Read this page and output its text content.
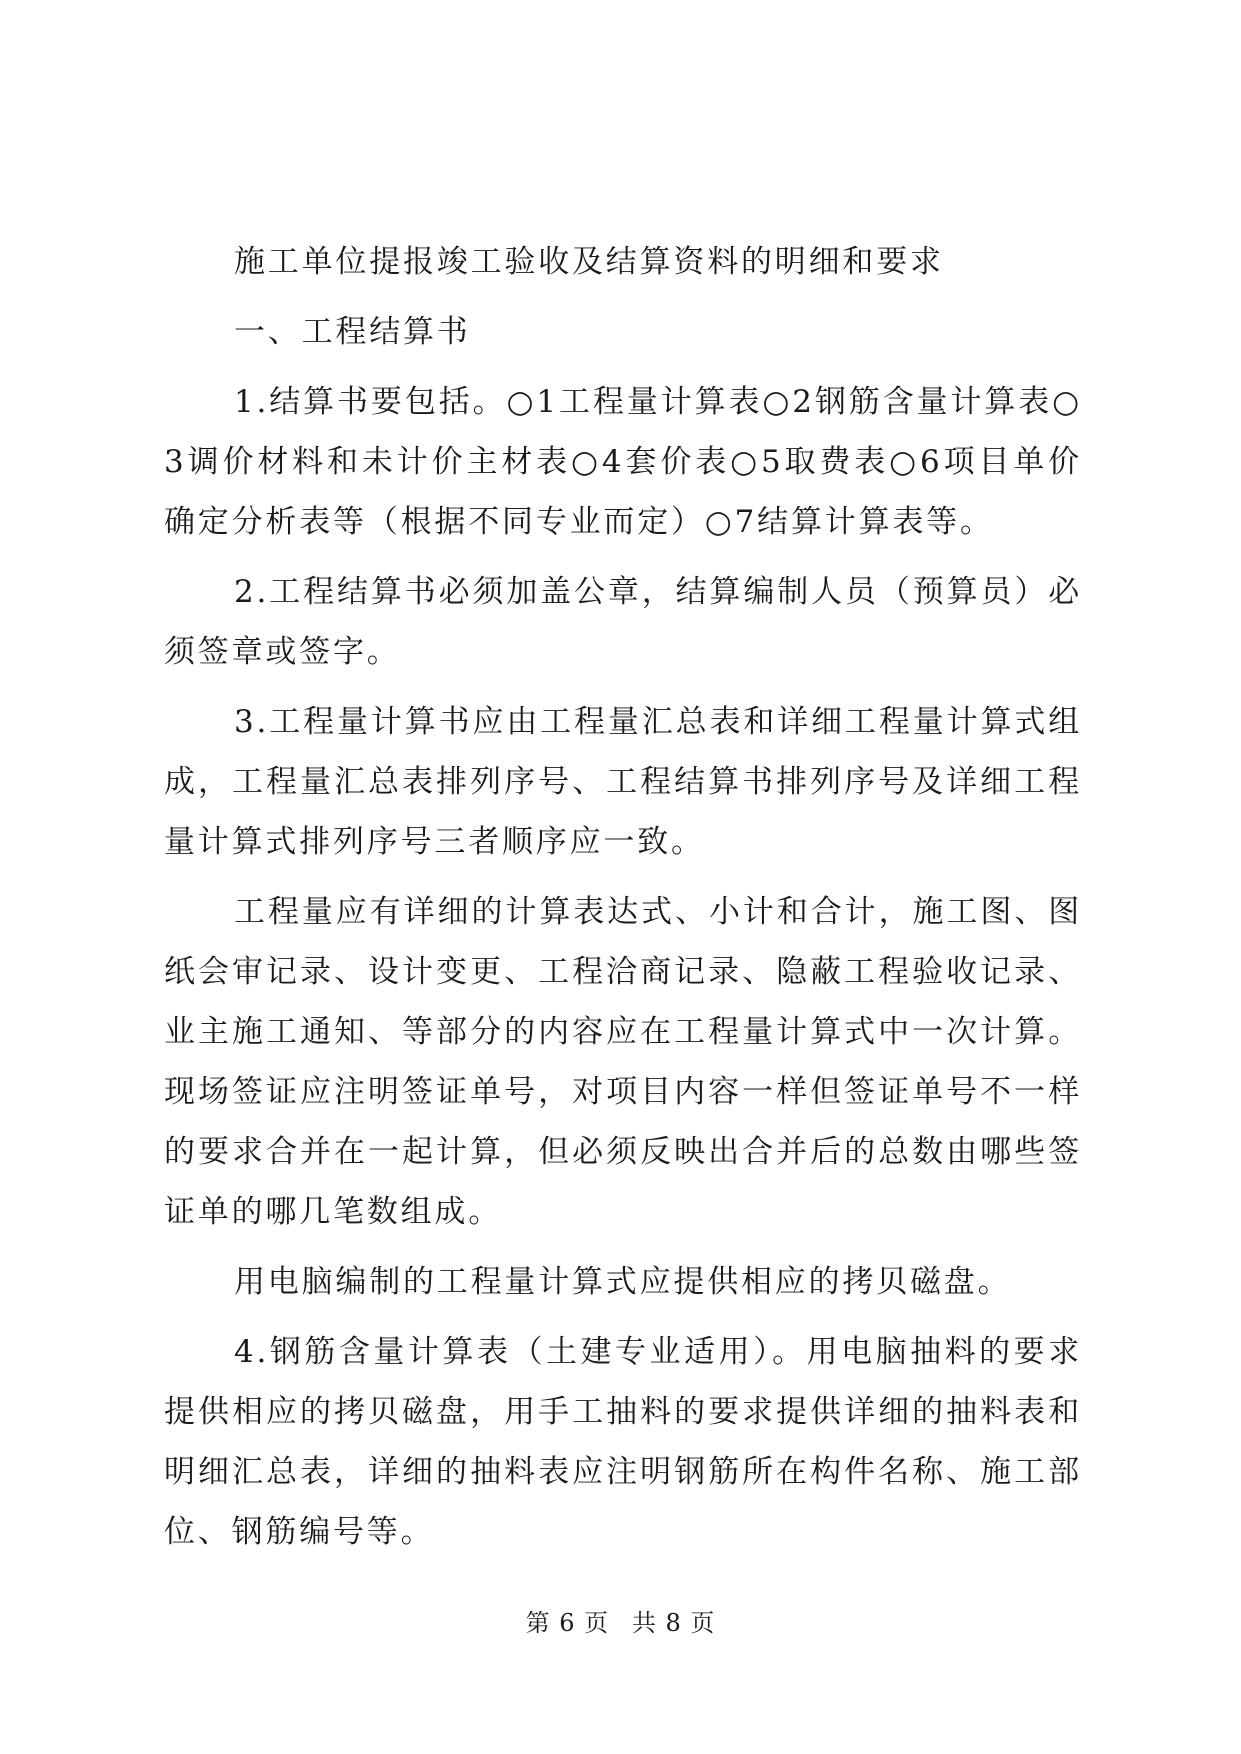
施工单位提报竣工验收及结算资料的明细和要求

一、工程结算书

1.结算书要包括。○1工程量计算表○2钢筋含量计算表○3调价材料和未计价主材表○4套价表○5取费表○6项目单价确定分析表等（根据不同专业而定）○7结算计算表等。

2.工程结算书必须加盖公章，结算编制人员（预算员）必须签章或签字。

3.工程量计算书应由工程量汇总表和详细工程量计算式组成，工程量汇总表排列序号、工程结算书排列序号及详细工程量计算式排列序号三者顺序应一致。

工程量应有详细的计算表达式、小计和合计，施工图、图纸会审记录、设计变更、工程洽商记录、隐蔽工程验收记录、业主施工通知、等部分的内容应在工程量计算式中一次计算。现场签证应注明签证单号，对项目内容一样但签证单号不一样的要求合并在一起计算，但必须反映出合并后的总数由哪些签证单的哪几笔数组成。

用电脑编制的工程量计算式应提供相应的拷贝磁盘。

4.钢筋含量计算表（土建专业适用）。用电脑抽料的要求提供相应的拷贝磁盘，用手工抽料的要求提供详细的抽料表和明细汇总表，详细的抽料表应注明钢筋所在构件名称、施工部位、钢筋编号等。

第 6 页 共 8 页
